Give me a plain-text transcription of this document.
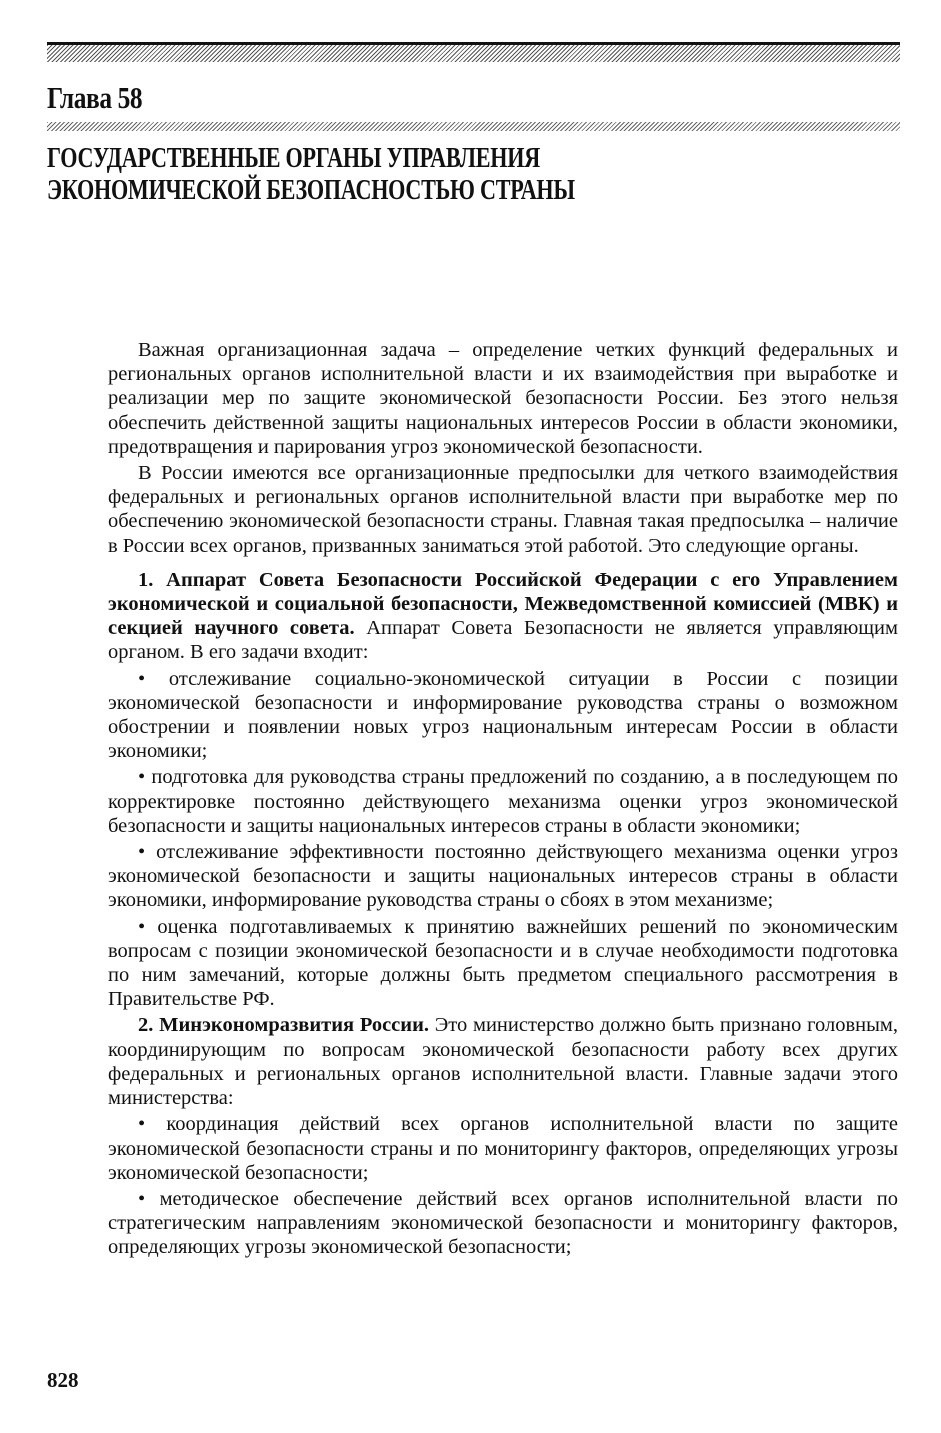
Глава 58
ГОСУДАРСТВЕННЫЕ ОРГАНЫ УПРАВЛЕНИЯ
ЭКОНОМИЧЕСКОЙ БЕЗОПАСНОСТЬЮ СТРАНЫ

Важная организационная задача – определение четких функций федеральных и региональных органов исполнительной власти и их взаимодействия при выработке и реализации мер по защите экономической безопасности России. Без этого нельзя обеспечить действенной защиты национальных интересов России в области экономики, предотвращения и парирования угроз экономической безопасности.

В России имеются все организационные предпосылки для четкого взаимодействия федеральных и региональных органов исполнительной власти при выработке мер по обеспечению экономической безопасности страны. Главная такая предпосылка – наличие в России всех органов, призванных заниматься этой работой. Это следующие органы.

1. Аппарат Совета Безопасности Российской Федерации с его Управлением экономической и социальной безопасности, Межведомственной комиссией (МВК) и секцией научного совета. Аппарат Совета Безопасности не является управляющим органом. В его задачи входит:

• отслеживание социально-экономической ситуации в России с позиции экономической безопасности и информирование руководства страны о возможном обострении и появлении новых угроз национальным интересам России в области экономики;

• подготовка для руководства страны предложений по созданию, а в последующем по корректировке постоянно действующего механизма оценки угроз экономической безопасности и защиты национальных интересов страны в области экономики;

• отслеживание эффективности постоянно действующего механизма оценки угроз экономической безопасности и защиты национальных интересов страны в области экономики, информирование руководства страны о сбоях в этом механизме;

• оценка подготавливаемых к принятию важнейших решений по экономическим вопросам с позиции экономической безопасности и в случае необходимости подготовка по ним замечаний, которые должны быть предметом специального рассмотрения в Правительстве РФ.

2. Минэкономразвития России. Это министерство должно быть признано головным, координирующим по вопросам экономической безопасности работу всех других федеральных и региональных органов исполнительной власти. Главные задачи этого министерства:

• координация действий всех органов исполнительной власти по защите экономической безопасности страны и по мониторингу факторов, определяющих угрозы экономической безопасности;

• методическое обеспечение действий всех органов исполнительной власти по стратегическим направлениям экономической безопасности и мониторингу факторов, определяющих угрозы экономической безопасности;

828
